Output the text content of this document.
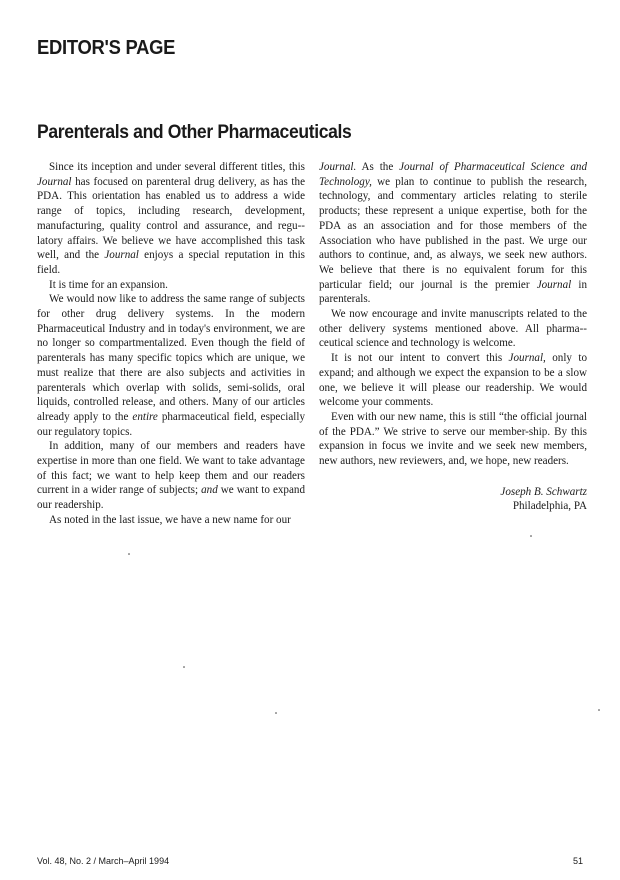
EDITOR'S PAGE
Parenterals and Other Pharmaceuticals

Since its inception and under several different titles, this Journal has focused on parenteral drug delivery, as has the PDA. This orientation has enabled us to address a wide range of topics, including research, development, manufacturing, quality control and assurance, and regu-latory affairs. We believe we have accomplished this task well, and the Journal enjoys a special reputation in this field.

It is time for an expansion.

We would now like to address the same range of subjects for other drug delivery systems. In the modern Pharmaceutical Industry and in today's environment, we are no longer so compartmentalized. Even though the field of parenterals has many specific topics which are unique, we must realize that there are also subjects and activities in parenterals which overlap with solids, semi-solids, oral liquids, controlled release, and others. Many of our articles already apply to the entire pharmaceutical field, especially our regulatory topics.

In addition, many of our members and readers have expertise in more than one field. We want to take advantage of this fact; we want to help keep them and our readers current in a wider range of subjects; and we want to expand our readership.

As noted in the last issue, we have a new name for our

Journal. As the Journal of Pharmaceutical Science and Technology, we plan to continue to publish the research, technology, and commentary articles relating to sterile products; these represent a unique expertise, both for the PDA as an association and for those members of the Association who have published in the past. We urge our authors to continue, and, as always, we seek new authors. We believe that there is no equivalent forum for this particular field; our journal is the premier Journal in parenterals.

We now encourage and invite manuscripts related to the other delivery systems mentioned above. All pharma-ceutical science and technology is welcome.

It is not our intent to convert this Journal, only to expand; and although we expect the expansion to be a slow one, we believe it will please our readership. We would welcome your comments.

Even with our new name, this is still “the official journal of the PDA.” We strive to serve our member-ship. By this expansion in focus we invite and we seek new members, new authors, new reviewers, and, we hope, new readers.

Joseph B. Schwartz
Philadelphia, PA
Vol. 48, No. 2 / March–April 1994	51
